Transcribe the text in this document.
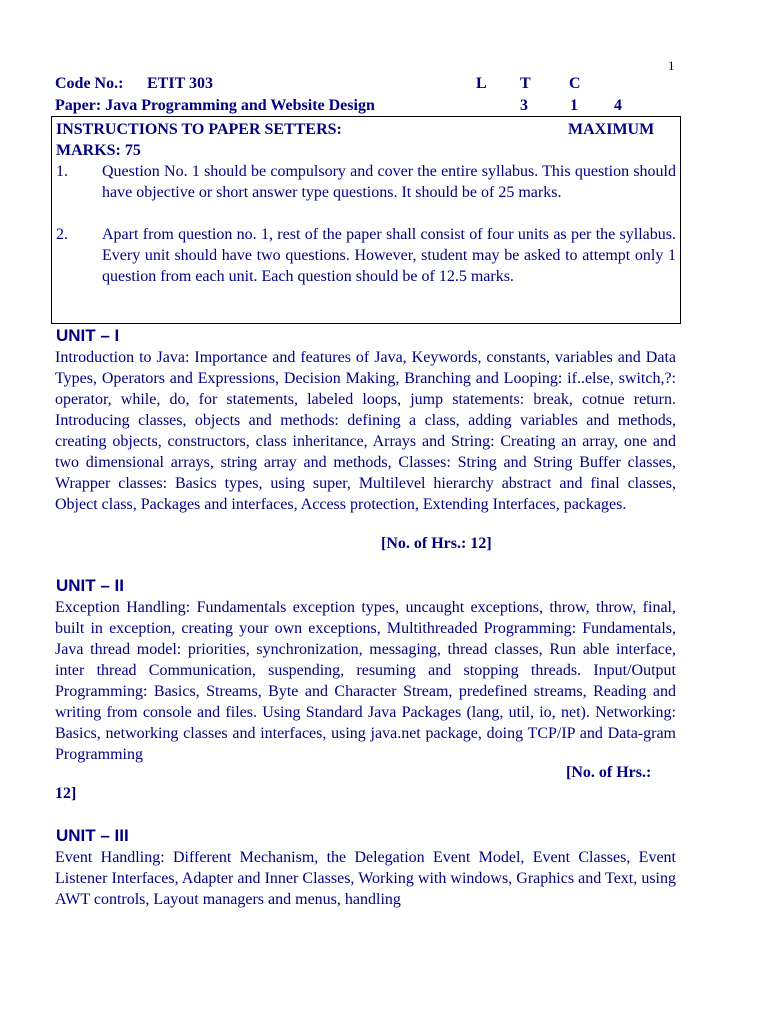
1
Code No.: ETIT 303	L T C
Paper: Java Programming and Website Design	3	1 4
INSTRUCTIONS TO PAPER SETTERS:	MAXIMUM
MARKS: 75
1. Question No. 1 should be compulsory and cover the entire syllabus. This question should have objective or short answer type questions. It should be of 25 marks.
2. Apart from question no. 1, rest of the paper shall consist of four units as per the syllabus. Every unit should have two questions. However, student may be asked to attempt only 1 question from each unit. Each question should be of 12.5 marks.
UNIT – I
Introduction to Java: Importance and features of Java, Keywords, constants, variables and Data Types, Operators and Expressions, Decision Making, Branching and Looping: if..else, switch,?: operator, while, do, for statements, labeled loops, jump statements: break, cotnue return. Introducing classes, objects and methods: defining a class, adding variables and methods, creating objects, constructors, class inheritance, Arrays and String: Creating an array, one and two dimensional arrays, string array and methods, Classes: String and String Buffer classes, Wrapper classes: Basics types, using super, Multilevel hierarchy abstract and final classes, Object class, Packages and interfaces, Access protection, Extending Interfaces, packages.
[No. of Hrs.: 12]
UNIT – II
Exception Handling: Fundamentals exception types, uncaught exceptions, throw, throw, final, built in exception, creating your own exceptions, Multithreaded Programming: Fundamentals, Java thread model: priorities, synchronization, messaging, thread classes, Run able interface, inter thread Communication, suspending, resuming and stopping threads. Input/Output Programming: Basics, Streams, Byte and Character Stream, predefined streams, Reading and writing from console and files. Using Standard Java Packages (lang, util, io, net). Networking: Basics, networking classes and interfaces, using java.net package, doing TCP/IP and Data-gram Programming
[No. of Hrs.:
12]
UNIT – III
Event Handling: Different Mechanism, the Delegation Event Model, Event Classes, Event Listener Interfaces, Adapter and Inner Classes, Working with windows, Graphics and Text, using AWT controls, Layout managers and menus, handling
